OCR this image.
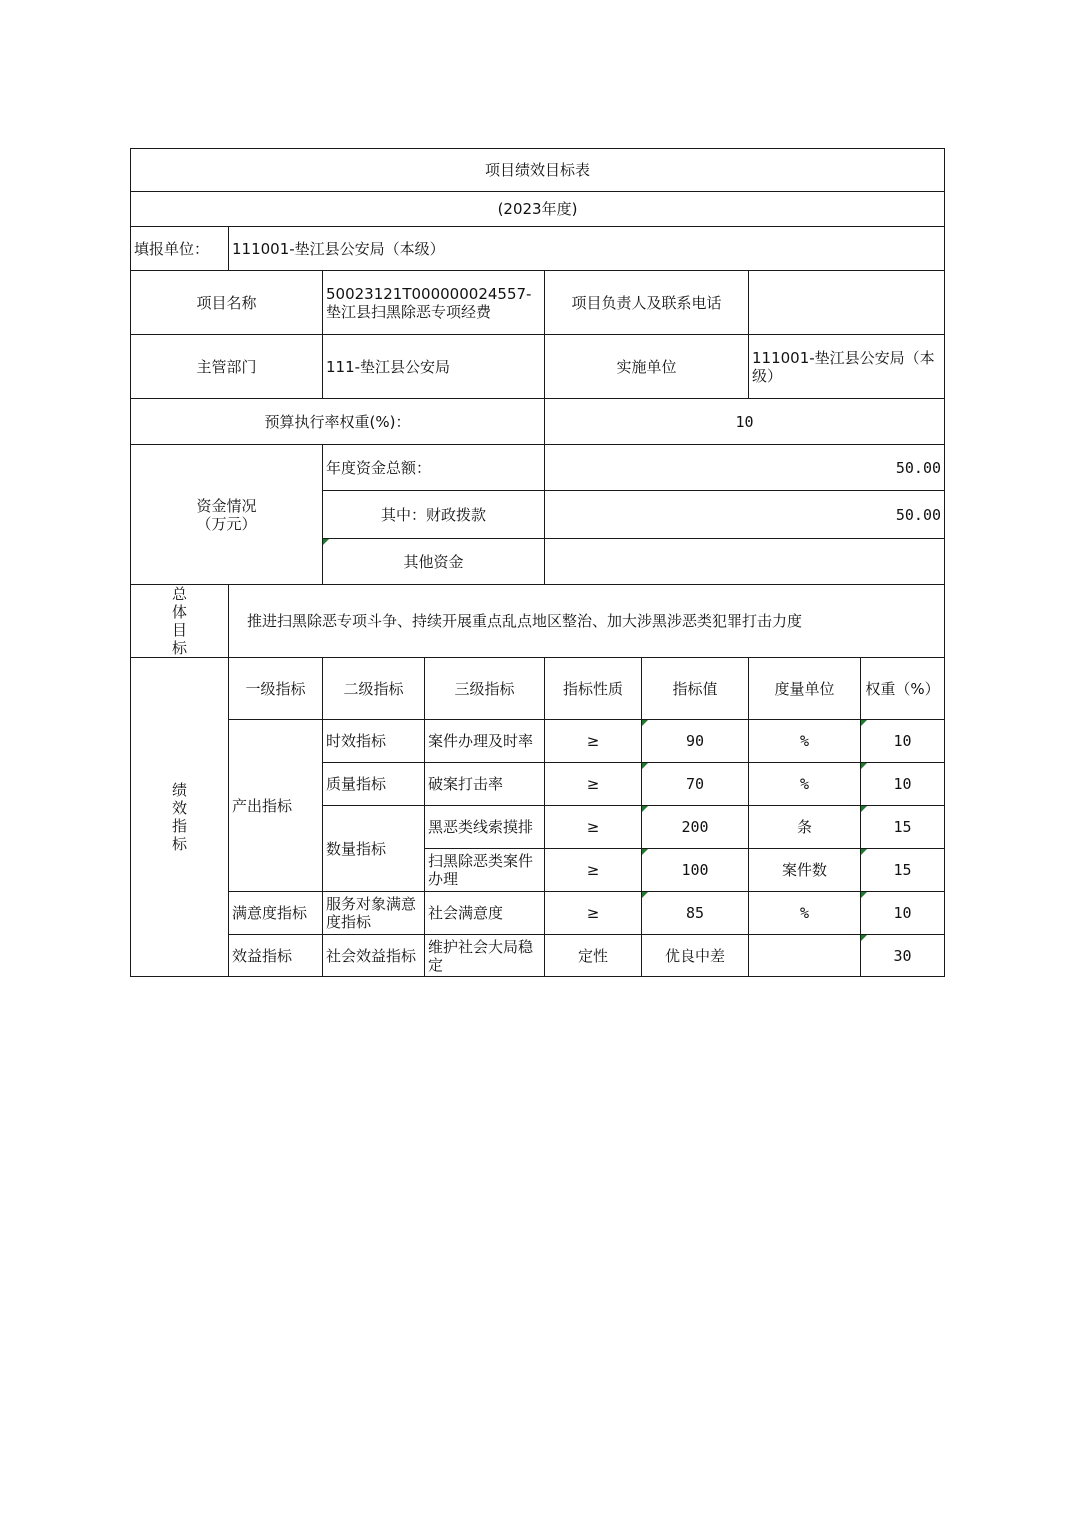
项目绩效目标表							
(2023年度)							
填报单位：	111001-垫江县公安局（本级）						
项目名称		50023121T000000024557-垫江县扫黑除恶专项经费		项目负责人及联系电话			
主管部门		111-垫江县公安局		实施单位		111001-垫江县公安局（本级）	
预算执行率权重(%)：				10			

资金情况
（万元）		年度资金总额：		50.00			
		其中：财政拨款		50.00			
		其他资金					

总
体
目
标	推进扫黑除恶专项斗争、持续开展重点乱点地区整治、加大涉黑涉恶类犯罪打击力度						

绩
效
指
标	一级指标	二级指标	三级指标	指标性质	指标值	度量单位	权重（%）
	产出指标	时效指标	案件办理及时率	≥	90	%	10
		质量指标	破案打击率	≥	70	%	10
		数量指标	黑恶类线索摸排	≥	200	条	15
			扫黑除恶类案件办理	≥	100	案件数	15
	满意度指标	服务对象满意度指标	社会满意度	≥	85	%	10
	效益指标	社会效益指标	维护社会大局稳定	定性	优良中差		30
